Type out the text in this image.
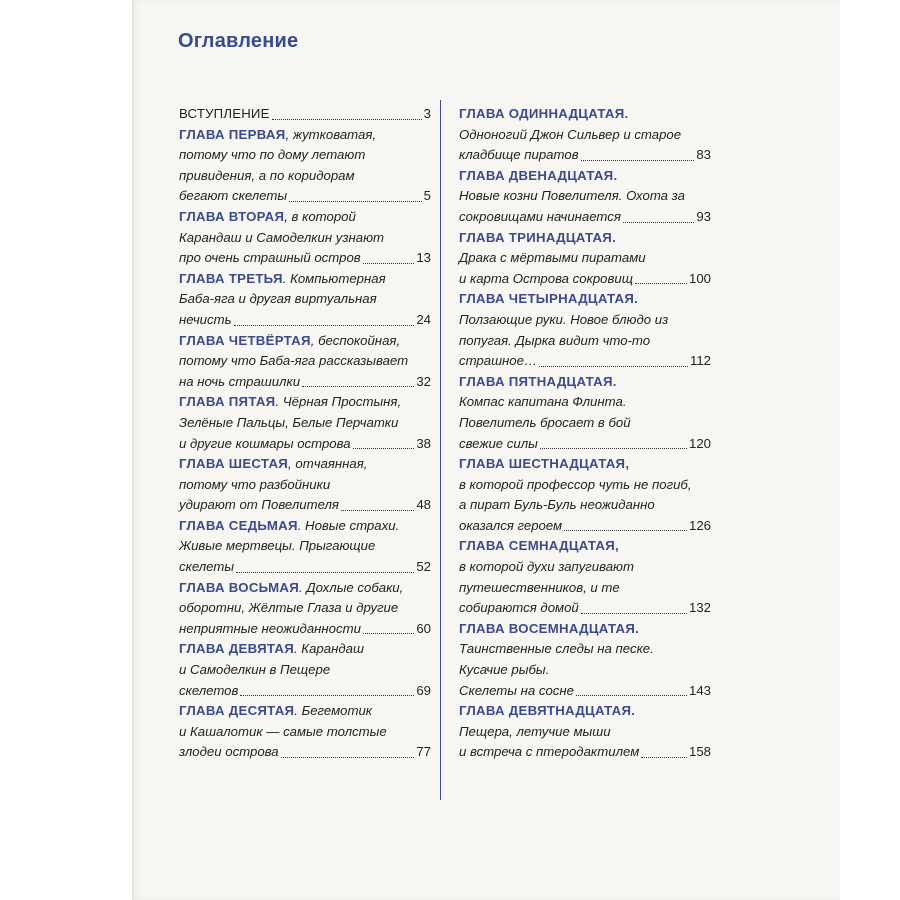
Оглавление
ВСТУПЛЕНИЕ	3
ГЛАВА ПЕРВАЯ , жутковатая,
потому что по дому летают
привидения, а по коридорам
бегают скелеты	5
ГЛАВА ВТОРАЯ , в которой
Карандаш и Самоделкин узнают
про очень страшный остров	13
ГЛАВА ТРЕТЬЯ . Компьютерная
Баба-яга и другая виртуальная
нечисть	24
ГЛАВА ЧЕТВЁРТАЯ , беспокойная,
потому что Баба-яга рассказывает
на ночь страшилки	32
ГЛАВА ПЯТАЯ . Чёрная Простыня,
Зелёные Пальцы, Белые Перчатки
и другие кошмары острова	38
ГЛАВА ШЕСТАЯ , отчаянная,
потому что разбойники
удирают от Повелителя	48
ГЛАВА СЕДЬМАЯ . Новые страхи.
Живые мертвецы. Прыгающие
скелеты	52
ГЛАВА ВОСЬМАЯ . Дохлые собаки,
оборотни, Жёлтые Глаза и другие
неприятные неожиданности	60
ГЛАВА ДЕВЯТАЯ . Карандаш
и Самоделкин в Пещере
скелетов	69
ГЛАВА ДЕСЯТАЯ . Бегемотик
и Кашалотик — самые толстые
злодеи острова	77
ГЛАВА ОДИННАДЦАТАЯ.
Одноногий Джон Сильвер и старое
кладбище пиратов	83
ГЛАВА ДВЕНАДЦАТАЯ.
Новые козни Повелителя. Охота за
сокровищами начинается	93
ГЛАВА ТРИНАДЦАТАЯ.
Драка с мёртвыми пиратами
и карта Острова сокровищ	100
ГЛАВА ЧЕТЫРНАДЦАТАЯ.
Ползающие руки. Новое блюдо из
попугая. Дырка видит что-то
страшное…	112
ГЛАВА ПЯТНАДЦАТАЯ.
Компас капитана Флинта.
Повелитель бросает в бой
свежие силы	120
ГЛАВА ШЕСТНАДЦАТАЯ,
в которой профессор чуть не погиб,
а пират Буль-Буль неожиданно
оказался героем	126
ГЛАВА СЕМНАДЦАТАЯ,
в которой духи запугивают
путешественников, и те
собираются домой	132
ГЛАВА ВОСЕМНАДЦАТАЯ.
Таинственные следы на песке.
Кусачие рыбы.
Скелеты на сосне	143
ГЛАВА ДЕВЯТНАДЦАТАЯ.
Пещера, летучие мыши
и встреча с птеродактилем	158
